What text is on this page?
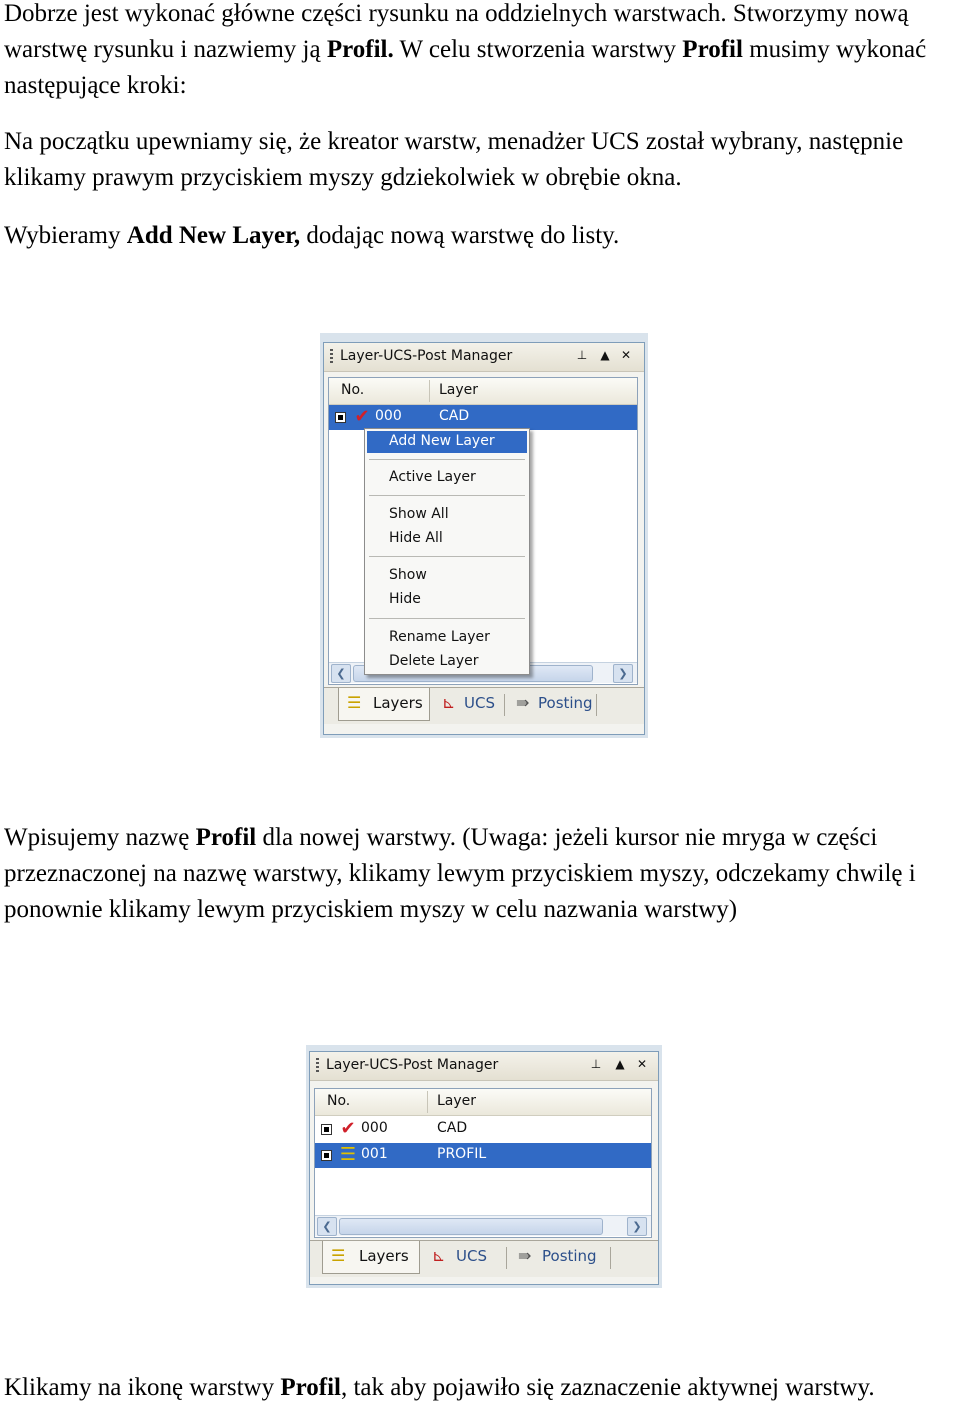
Dobrze jest wykonać główne części rysunku na oddzielnych warstwach. Stworzymy nową warstwę rysunku i nazwiemy ją Profil. W celu stworzenia warstwy Profil musimy wykonać następujące kroki:

Na początku upewniamy się, że kreator warstw, menadżer UCS został wybrany, następnie klikamy prawym przyciskiem myszy gdziekolwiek w obrębie okna.

Wybieramy Add New Layer, dodając nową warstwę do listy.

Layer-UCS-Post Manager	⊥ ▲ ✕
No.	Layer
✔ 000	CAD
❮	❯
☰ Layers ⊾ UCS ⇛ Posting
Add New Layer
Active Layer
Show All
Hide All
Show
Hide
Rename Layer
Delete Layer

Wpisujemy nazwę Profil dla nowej warstwy. (Uwaga: jeżeli kursor nie mryga w części przeznaczonej na nazwę warstwy, klikamy lewym przyciskiem myszy, odczekamy chwilę i ponownie klikamy lewym przyciskiem myszy w celu nazwania warstwy)

Layer-UCS-Post Manager	⊥ ▲ ✕
No.	Layer
✔ 000	CAD
☰ 001	PROFIL
❮	❯
☰ Layers ⊾ UCS ⇛ Posting

Klikamy na ikonę warstwy Profil, tak aby pojawiło się zaznaczenie aktywnej warstwy.
